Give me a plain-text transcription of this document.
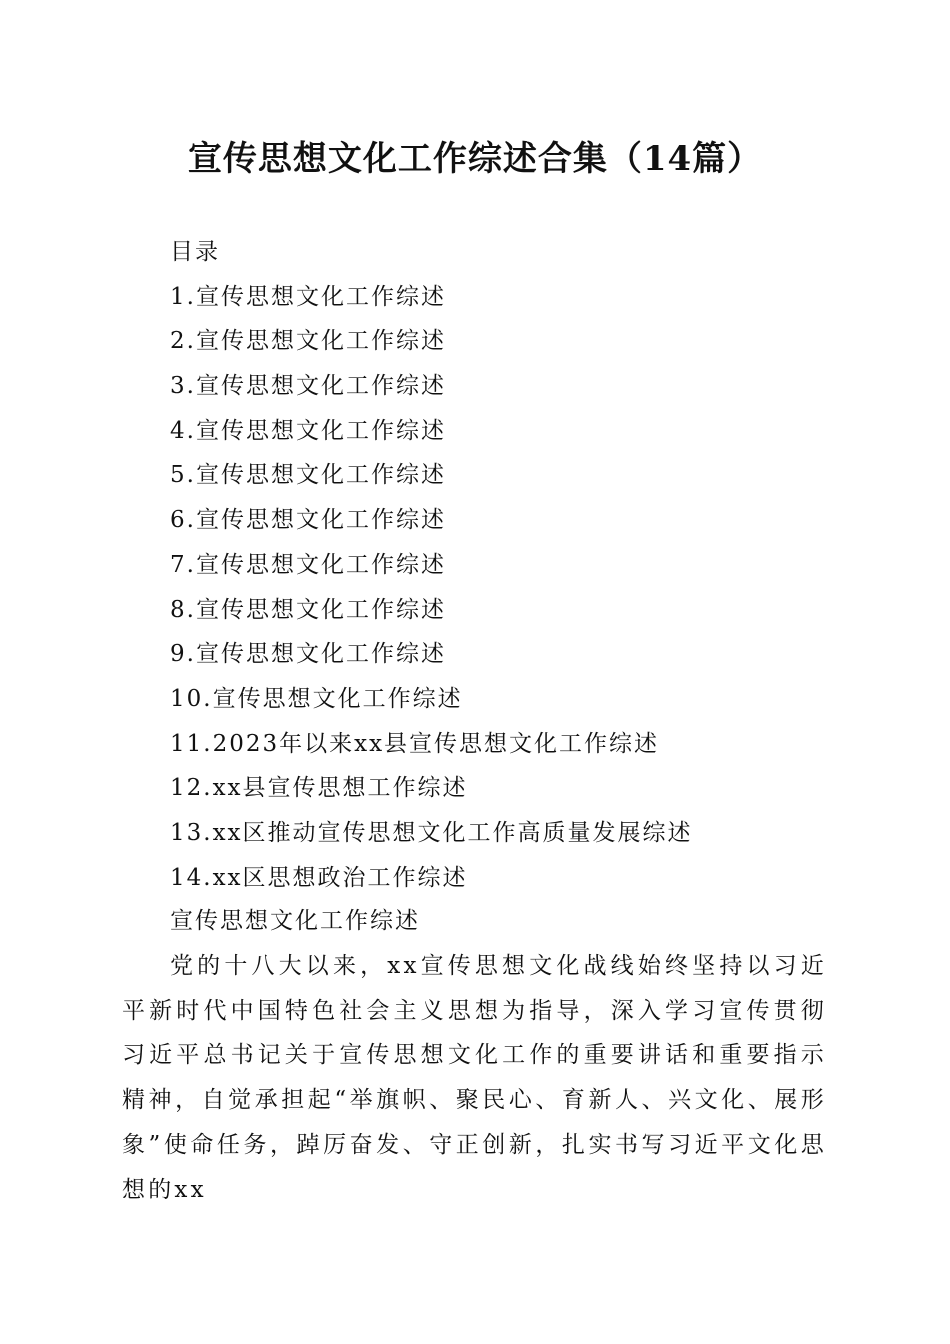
宣传思想文化工作综述合集（14篇）
目录
1.宣传思想文化工作综述
2.宣传思想文化工作综述
3.宣传思想文化工作综述
4.宣传思想文化工作综述
5.宣传思想文化工作综述
6.宣传思想文化工作综述
7.宣传思想文化工作综述
8.宣传思想文化工作综述
9.宣传思想文化工作综述
10.宣传思想文化工作综述
11.2023年以来xx县宣传思想文化工作综述
12.xx县宣传思想工作综述
13.xx区推动宣传思想文化工作高质量发展综述
14.xx区思想政治工作综述
宣传思想文化工作综述

党的十八大以来，xx宣传思想文化战线始终坚持以习近平新时代中国特色社会主义思想为指导，深入学习宣传贯彻习近平总书记关于宣传思想文化工作的重要讲话和重要指示精神，自觉承担起“举旗帜、聚民心、育新人、兴文化、展形象”使命任务，踔厉奋发、守正创新，扎实书写习近平文化思想的xx
